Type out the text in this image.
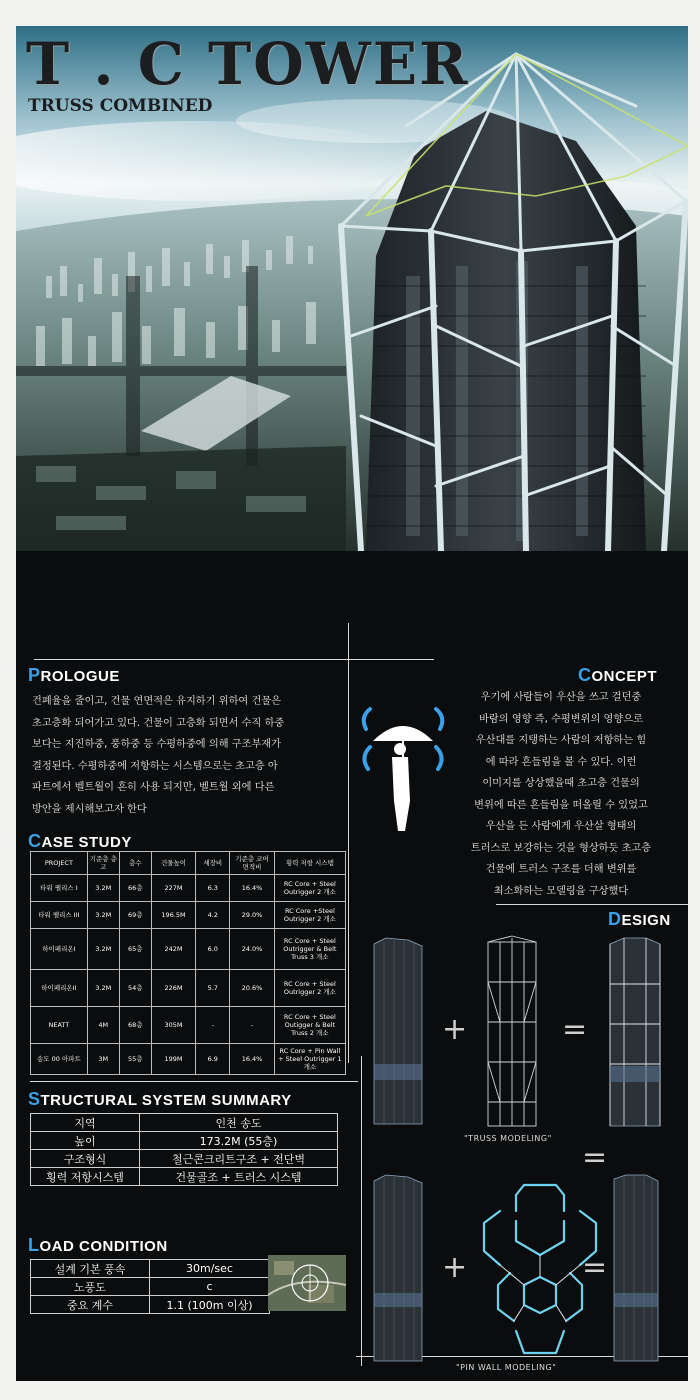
T . C TOWER
TRUSS COMBINED
PROLOGUE
건폐율을 줄이고, 건물 연면적은 유지하기 위하여 건물은
초고층화 되어가고 있다. 건물이 고층화 되면서 수직 하중
보다는 지진하중, 풍하중 등 수평하중에 의해 구조부재가
결정된다. 수평하중에 저항하는 시스템으로는 초고층 아
파트에서 벨트월이 흔히 사용 되지만, 벨트월 외에 다른
방안을 제시해보고자 한다
CONCEPT
우기에 사람들이 우산을 쓰고 걸던중
바람의 영향 즉, 수평변위의 영향으로
우산대를 지탱하는 사람의 저항하는 힘
에 따라 흔들림을 볼 수 있다. 이런
이미지를 상상했을때 초고층 건물의
변위에 따른 흔들림을 떠올릴 수 있었고
우산을 든 사람에게 우산살 형태의
트러스로 보강하는 것을 형상하듯 초고층
건물에 트러스 구조를 더해 변위를
최소화하는 모델링을 구상했다
CASE STUDY
PROJECT	기준층 층고	층수	건물높이	세장비	기준층 코어 면적비	횡력 저항 시스템
타워 팰리스 I	3.2M	66층	227M	6.3	16.4%	RC Core + Steel Outrigger 2 개소
타워 팰리스 III	3.2M	69층	196.5M	4.2	29.0%	RC Core +Steel Outrigger 2 개소
하이페리온I	3.2M	65층	242M	6.0	24.0%	RC Core + Steel Outrigger & Belt Truss 3 개소
하이페리온II	3.2M	54층	226M	5.7	20.6%	RC Core + Steel Outrigger 2 개소
NEATT	4M	68층	305M	-	-	RC Core + Steel Outigger & Belt Truss 2 개소
송도 00 아파트	3M	55층	199M	6.9	16.4%	RC Core + Pin Wall + Steel Outrigger 1 개소
STRUCTURAL SYSTEM SUMMARY
지역	인천 송도
높이	173.2M (55층)
구조형식	철근콘크리트구조 + 전단벽
횡력 저항시스템	건물골조 + 트러스 시스템
LOAD CONDITION
설계 기본 풍속	30m/sec
노풍도	c
중요 계수	1.1 (100m 이상)
DESIGN
+	=
"TRUSS MODELING"
=
+	=
"PIN WALL MODELING"
